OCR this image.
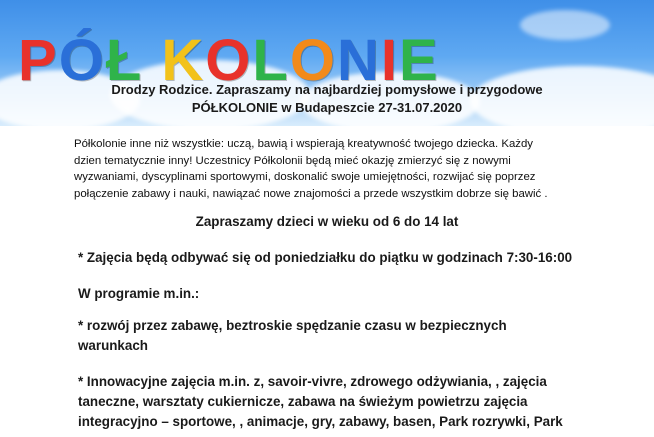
PÓŁ KOLONIE
Drodzy Rodzice. Zapraszamy na najbardziej pomysłowe i przygodowe
PÓŁKOLONIE w Budapeszcie 27-31.07.2020
Półkolonie inne niż wszystkie: uczą, bawią i wspierają kreatywność twojego dziecka. Każdy
dzien tematycznie inny! Uczestnicy Półkolonii będą mieć okazję zmierzyć się z nowymi
wyzwaniami, dyscyplinami sportowymi, doskonalić swoje umiejętności, rozwijać się poprzez
połączenie zabawy i nauki, nawiązać nowe znajomości a przede wszystkim dobrze się bawić .
Zapraszamy dzieci w wieku od 6 do 14 lat
* Zajęcia będą odbywać się od poniedziałku do piątku w godzinach 7:30-16:00
W programie m.in.:
* rozwój przez zabawę, beztroskie spędzanie czasu w bezpiecznych
warunkach
* Innowacyjne zajęcia m.in. z, savoir-vivre, zdrowego odżywiania, , zajęcia
taneczne, warsztaty cukiernicze, zabawa na świeżym powietrzu zajęcia
integracyjno – sportowe, , animacje, gry, zabawy, basen, Park rozrywki, Park
